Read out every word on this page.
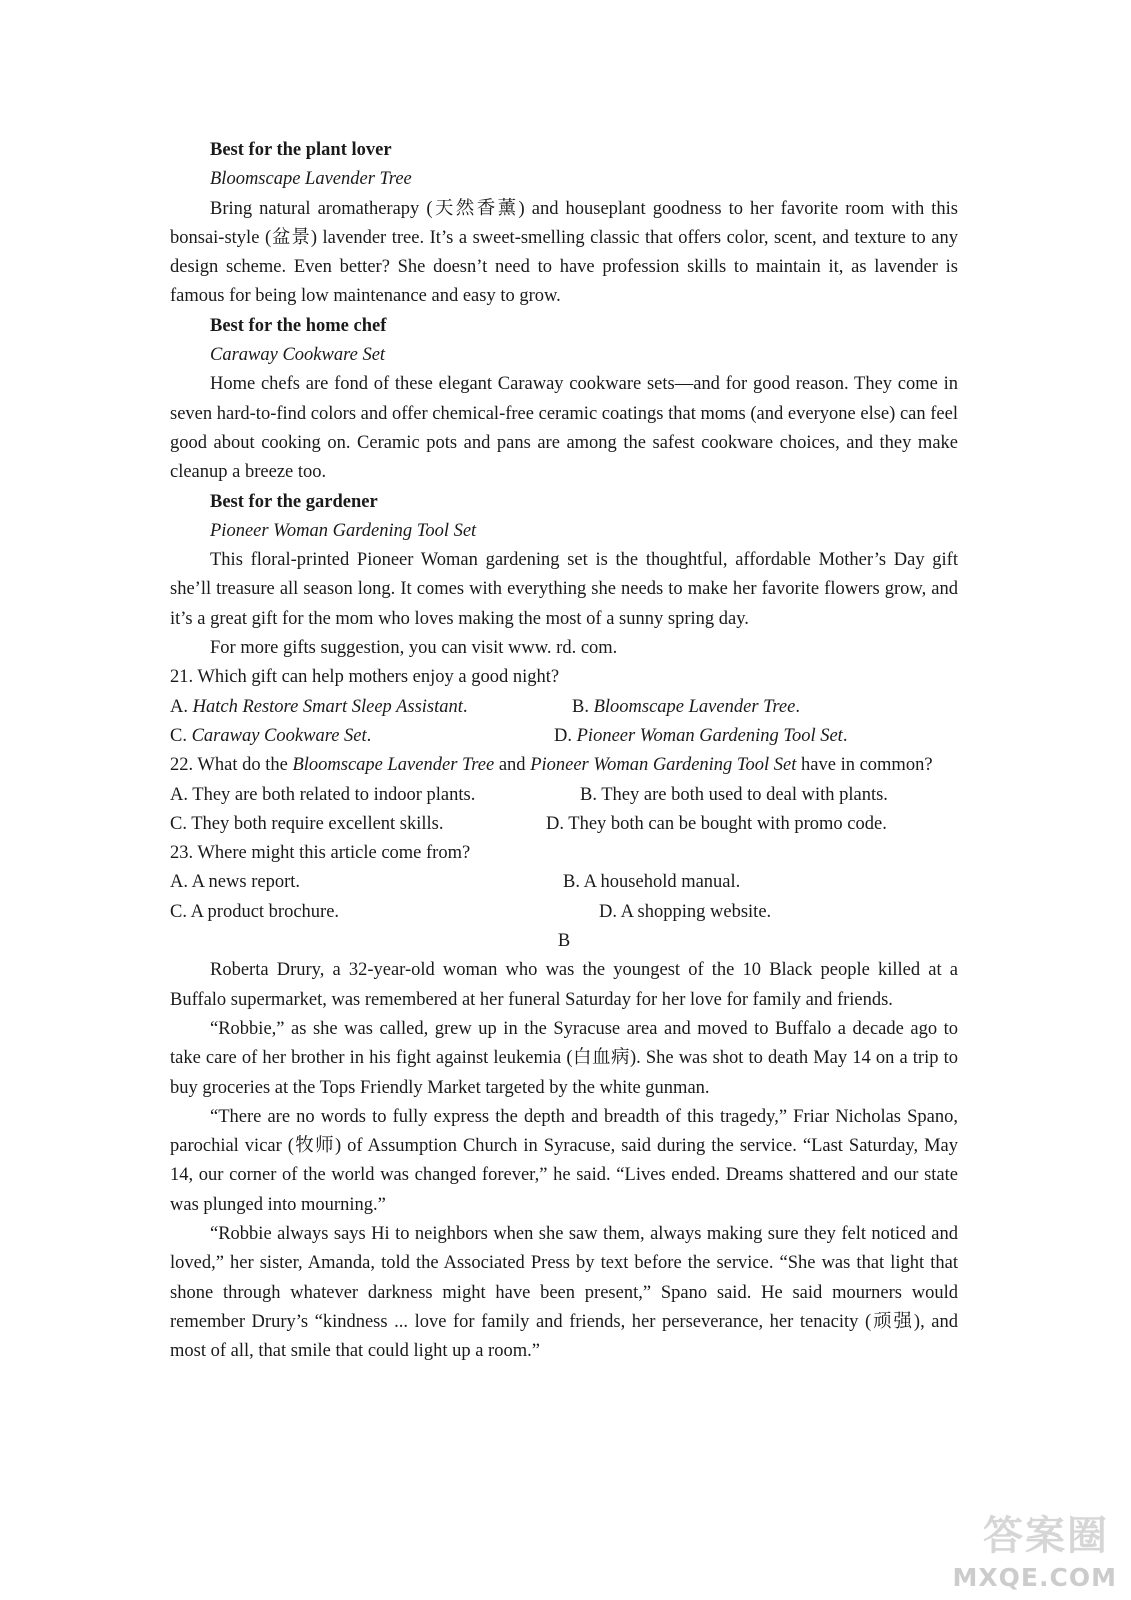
Best for the plant lover
Bloomscape Lavender Tree

Bring natural aromatherapy (天然香薰) and houseplant goodness to her favorite room with this bonsai-style (盆景) lavender tree. It’s a sweet-smelling classic that offers color, scent, and texture to any design scheme. Even better? She doesn’t need to have profession skills to maintain it, as lavender is famous for being low maintenance and easy to grow.

Best for the home chef
Caraway Cookware Set

Home chefs are fond of these elegant Caraway cookware sets—and for good reason. They come in seven hard-to-find colors and offer chemical-free ceramic coatings that moms (and everyone else) can feel good about cooking on. Ceramic pots and pans are among the safest cookware choices, and they make cleanup a breeze too.

Best for the gardener
Pioneer Woman Gardening Tool Set

This floral-printed Pioneer Woman gardening set is the thoughtful, affordable Mother’s Day gift she’ll treasure all season long. It comes with everything she needs to make her favorite flowers grow, and it’s a great gift for the mom who loves making the most of a sunny spring day.

For more gifts suggestion, you can visit www. rd. com.

21. Which gift can help mothers enjoy a good night?

A. Hatch Restore Smart Sleep Assistant.	B. Bloomscape Lavender Tree.
C. Caraway Cookware Set.	D. Pioneer Woman Gardening Tool Set.

22. What do the Bloomscape Lavender Tree and Pioneer Woman Gardening Tool Set have in common?

A. They are both related to indoor plants.	B. They are both used to deal with plants.
C. They both require excellent skills.	D. They both can be bought with promo code.

23. Where might this article come from?

A. A news report.	B. A household manual.
C. A product brochure.	D. A shopping website.
B

Roberta Drury, a 32-year-old woman who was the youngest of the 10 Black people killed at a Buffalo supermarket, was remembered at her funeral Saturday for her love for family and friends.

“Robbie,” as she was called, grew up in the Syracuse area and moved to Buffalo a decade ago to take care of her brother in his fight against leukemia (白血病). She was shot to death May 14 on a trip to buy groceries at the Tops Friendly Market targeted by the white gunman.

“There are no words to fully express the depth and breadth of this tragedy,” Friar Nicholas Spano, parochial vicar (牧师) of Assumption Church in Syracuse, said during the service. “Last Saturday, May 14, our corner of the world was changed forever,” he said. “Lives ended. Dreams shattered and our state was plunged into mourning.”

“Robbie always says Hi to neighbors when she saw them, always making sure they felt noticed and loved,” her sister, Amanda, told the Associated Press by text before the service. “She was that light that shone through whatever darkness might have been present,” Spano said. He said mourners would remember Drury’s “kindness ... love for family and friends, her perseverance, her tenacity (顽强), and most of all, that smile that could light up a room.”

答案圈
MXQE.COM
